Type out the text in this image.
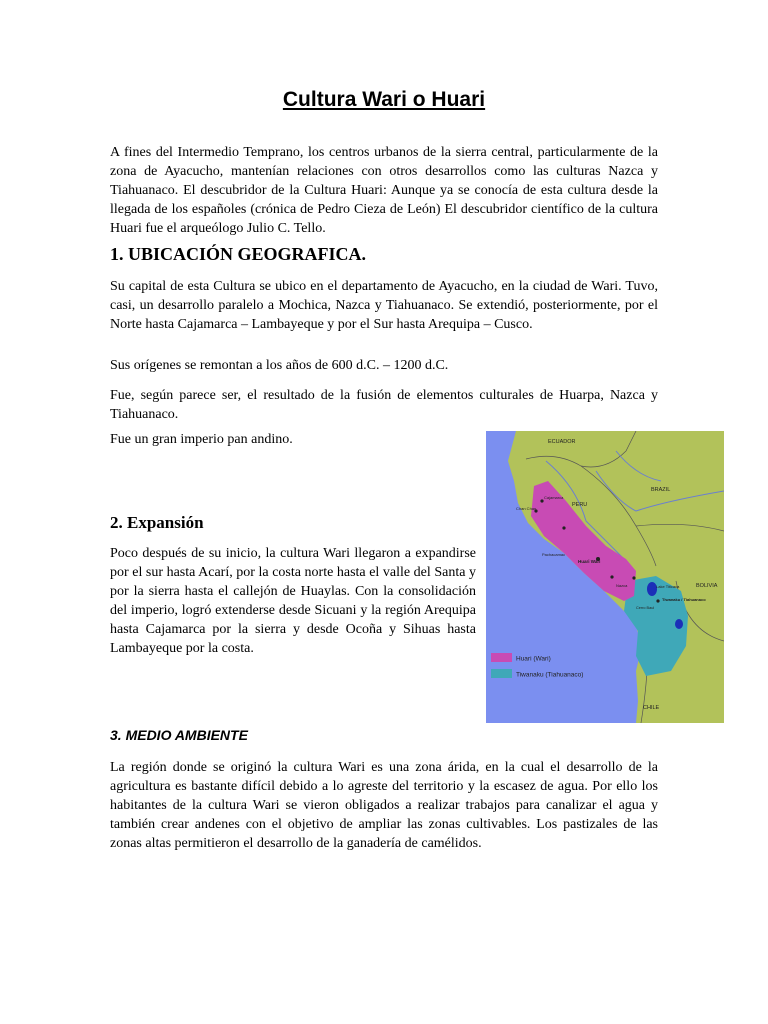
Cultura Wari o Huari

A fines del Intermedio Temprano, los centros urbanos de la sierra central, particularmente de la zona de Ayacucho, mantenían relaciones con otros desarrollos como las culturas Nazca y Tiahuanaco. El descubridor de la Cultura Huari: Aunque ya se conocía de esta cultura desde la llegada de los españoles (crónica de Pedro Cieza de León) El descubridor científico de la cultura Huari fue el arqueólogo Julio C. Tello.

1. UBICACIÓN GEOGRAFICA.

Su capital de esta Cultura se ubico en el departamento de Ayacucho, en la ciudad de Wari. Tuvo, casi, un desarrollo paralelo a Mochica, Nazca y Tiahuanaco. Se extendió, posteriormente, por el Norte hasta Cajamarca – Lambayeque y por el Sur hasta Arequipa – Cusco.

Sus orígenes se remontan a los años de 600 d.C. – 1200 d.C.

Fue, según parece ser, el resultado de la fusión de elementos culturales de Huarpa, Nazca y Tiahuanaco.

Fue un gran imperio pan andino.

2. Expansión

Poco después de su inicio, la cultura Wari llegaron a expandirse por el sur hasta Acarí, por la costa norte hasta el valle del Santa y por la sierra hasta el callejón de Huaylas. Con la consolidación del imperio, logró extenderse desde Sicuani y la región Arequipa hasta Cajamarca por la sierra y desde Ocoña y Sihuas hasta Lambayeque por la costa.

ECUADOR
BRAZIL
PERU
BOLIVIA
CHILE
Cajamarca
Chan Chan
Pachacamac
Huari Wari
Nazca	Lake Titicaca
Tiwanaku / Tiahuanaco
Cerro Baul
Huari (Wari)
Tiwanaku (Tiahuanaco)
3. MEDIO AMBIENTE

La región donde se originó la cultura Wari es una zona árida, en la cual el desarrollo de la agricultura es bastante difícil debido a lo agreste del territorio y la escasez de agua. Por ello los habitantes de la cultura Wari se vieron obligados a realizar trabajos para canalizar el agua y también crear andenes con el objetivo de ampliar las zonas cultivables. Los pastizales de las zonas altas permitieron el desarrollo de la ganadería de camélidos.
